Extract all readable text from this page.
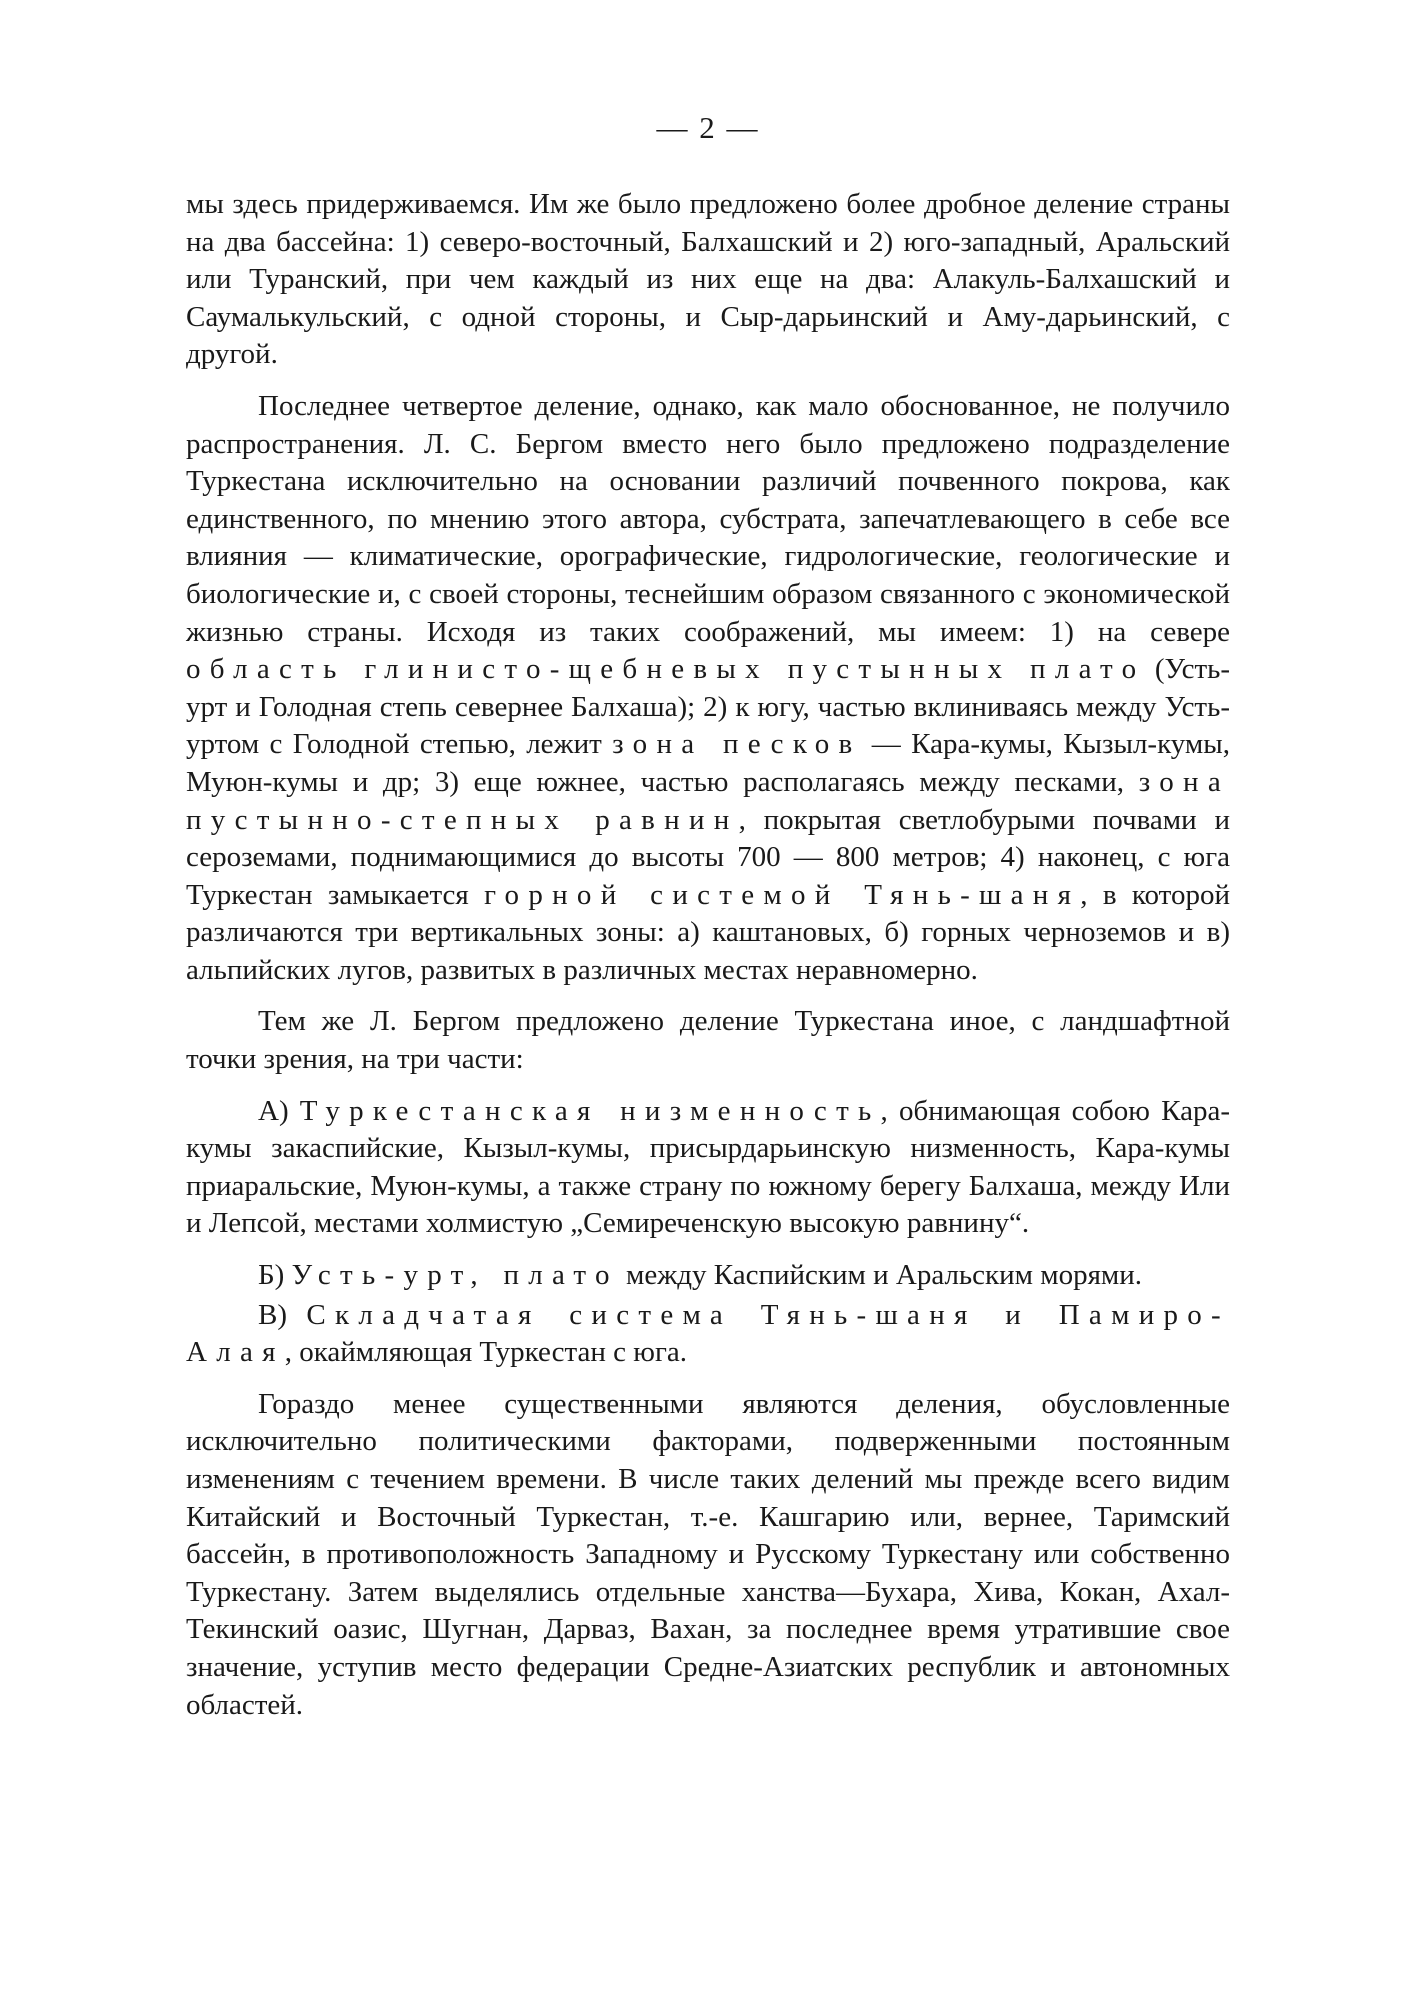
— 2 —

мы здесь придерживаемся. Им же было предложено более дробное деление страны на два бассейна: 1) северо-восточный, Балхашский и 2) юго-западный, Аральский или Туранский, при чем каждый из них еще на два: Алакуль-Балхашский и Саумалькульский, с одной стороны, и Сыр-дарьинский и Аму-дарьинский, с другой.

Последнее четвертое деление, однако, как мало обоснованное, не получило распространения. Л. С. Бергом вместо него было предложено подразделение Туркестана исключительно на основании различий почвенного покрова, как единственного, по мнению этого автора, субстрата, запечатлевающего в себе все влияния — климатические, орографические, гидрологические, геологические и биологические и, с своей стороны, теснейшим образом связанного с экономической жизнью страны. Исходя из таких соображений, мы имеем: 1) на севере область глинисто-щебневых пустынных плато (Усть-урт и Голодная степь севернее Балхаша); 2) к югу, частью вклиниваясь между Усть-уртом с Голодной степью, лежит зона песков — Кара-кумы, Кызыл-кумы, Муюн-кумы и др; 3) еще южнее, частью располагаясь между песками, зона пустынно-степных равнин, покрытая светлобурыми почвами и сероземами, поднимающимися до высоты 700 — 800 метров; 4) наконец, с юга Туркестан замыкается горной системой Тянь-шаня, в которой различаются три вертикальных зоны: а) каштановых, б) горных черноземов и в) альпийских лугов, развитых в различных местах неравномерно.

Тем же Л. Бергом предложено деление Туркестана иное, с ландшафтной точки зрения, на три части:

А) Туркестанская низменность, обнимающая собою Кара-кумы закаспийские, Кызыл-кумы, присырдарьинскую низменность, Кара-кумы приаральские, Муюн-кумы, а также страну по южному берегу Балхаша, между Или и Лепсой, местами холмистую „Семиреченскую высокую равнину“.

Б) Усть-урт, плато между Каспийским и Аральским морями.

В) Складчатая система Тянь-шаня и Памиро-Алая, окаймляющая Туркестан с юга.

Гораздо менее существенными являются деления, обусловленные исключительно политическими факторами, подверженными постоянным изменениям с течением времени. В числе таких делений мы прежде всего видим Китайский и Восточный Туркестан, т.-е. Кашгарию или, вернее, Таримский бассейн, в противоположность Западному и Русскому Туркестану или собственно Туркестану. Затем выделялись отдельные ханства—Бухара, Хива, Кокан, Ахал-Текинский оазис, Шугнан, Дарваз, Вахан, за последнее время утратившие свое значение, уступив место федерации Средне-Азиатских республик и автономных областей.
